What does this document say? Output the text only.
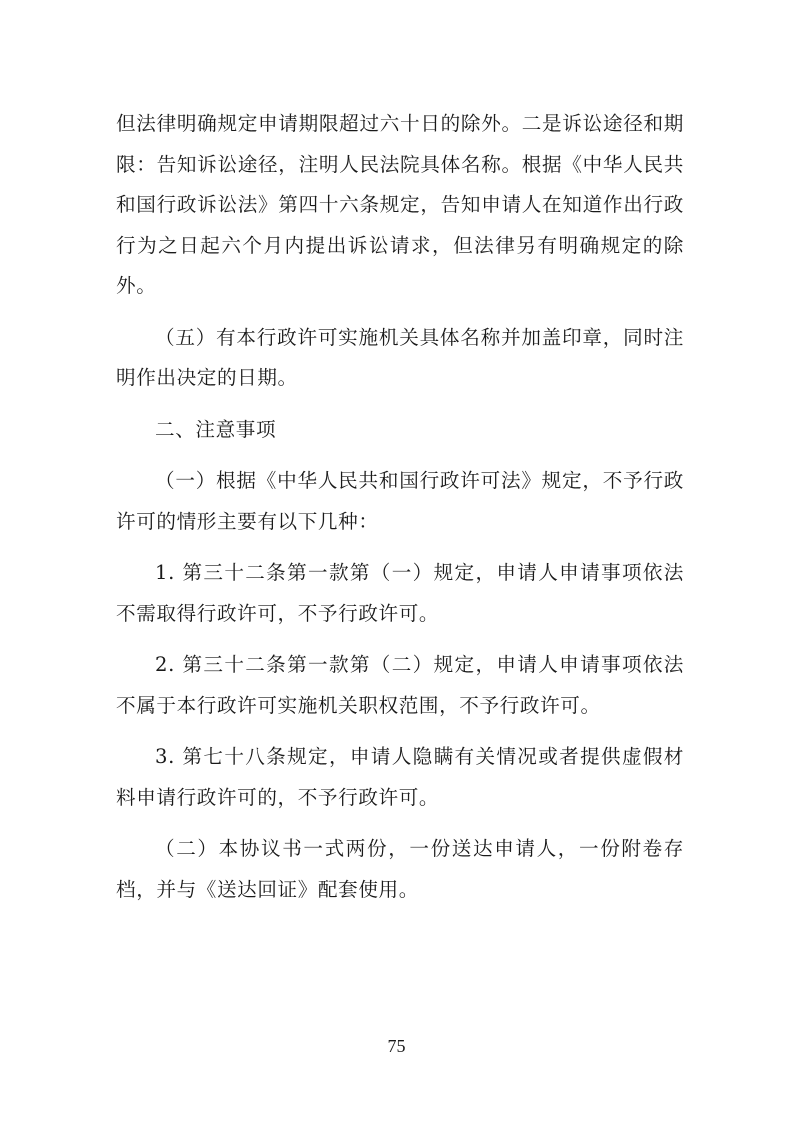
但法律明确规定申请期限超过六十日的除外。二是诉讼途径和期限：告知诉讼途径，注明人民法院具体名称。根据《中华人民共和国行政诉讼法》第四十六条规定，告知申请人在知道作出行政行为之日起六个月内提出诉讼请求，但法律另有明确规定的除外。

（五）有本行政许可实施机关具体名称并加盖印章，同时注明作出决定的日期。

二、注意事项

（一）根据《中华人民共和国行政许可法》规定，不予行政许可的情形主要有以下几种：

1. 第三十二条第一款第（一）规定，申请人申请事项依法不需取得行政许可，不予行政许可。

2. 第三十二条第一款第（二）规定，申请人申请事项依法不属于本行政许可实施机关职权范围，不予行政许可。

3. 第七十八条规定，申请人隐瞒有关情况或者提供虚假材料申请行政许可的，不予行政许可。

（二）本协议书一式两份，一份送达申请人，一份附卷存档，并与《送达回证》配套使用。

75
